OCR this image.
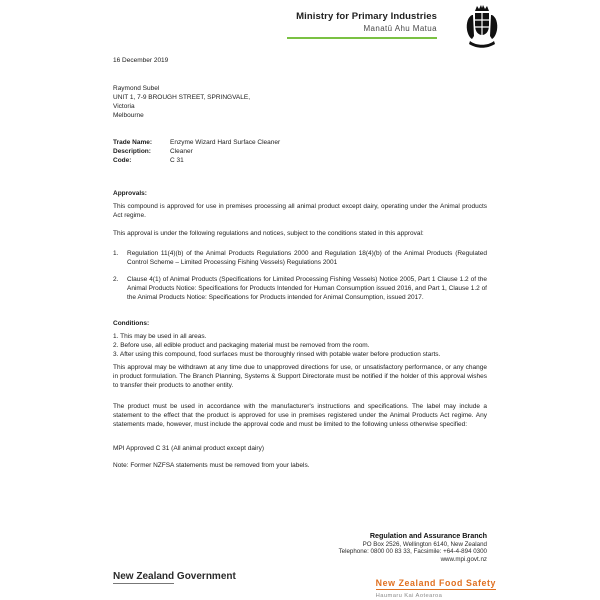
Ministry for Primary Industries
Manatū Ahu Matua
16 December 2019
Raymond Subel
UNIT 1, 7-9 BROUGH STREET, SPRINGVALE,
Victoria
Melbourne
Trade Name:	Enzyme Wizard Hard Surface Cleaner
Description:	Cleaner
Code:	C 31
Approvals:
This compound is approved for use in premises processing all animal product except dairy, operating under the Animal products Act regime.
This approval is under the following regulations and notices, subject to the conditions stated in this approval:
1.	Regulation 11(4)(b) of the Animal Products Regulations 2000 and Regulation 18(4)(b) of the Animal Products (Regulated Control Scheme – Limited Processing Fishing Vessels) Regulations 2001
2.	Clause 4(1) of Animal Products (Specifications for Limited Processing Fishing Vessels) Notice 2005, Part 1 Clause 1.2 of the Animal Products Notice: Specifications for Products Intended for Human Consumption issued 2016, and Part 1, Clause 1.2 of the Animal Products Notice: Specifications for Products intended for Animal Consumption, issued 2017.
Conditions:
1. This may be used in all areas.
2. Before use, all edible product and packaging material must be removed from the room.
3. After using this compound, food surfaces must be thoroughly rinsed with potable water before production starts.
This approval may be withdrawn at any time due to unapproved directions for use, or unsatisfactory performance, or any change in product formulation. The Branch Planning, Systems & Support Directorate must be notified if the holder of this approval wishes to transfer their products to another entity.
The product must be used in accordance with the manufacturer's instructions and specifications. The label may include a statement to the effect that the product is approved for use in premises registered under the Animal Products Act regime. Any statements made, however, must include the approval code and must be limited to the following unless otherwise specified:
MPI Approved C 31 (All animal product except dairy)
Note: Former NZFSA statements must be removed from your labels.
Regulation and Assurance Branch
PO Box 2526, Wellington 6140, New Zealand
Telephone: 0800 00 83 33, Facsimile: +64-4-894 0300
www.mpi.govt.nz
New Zealand Government
New Zealand Food Safety
Haumaru Kai Aotearoa
